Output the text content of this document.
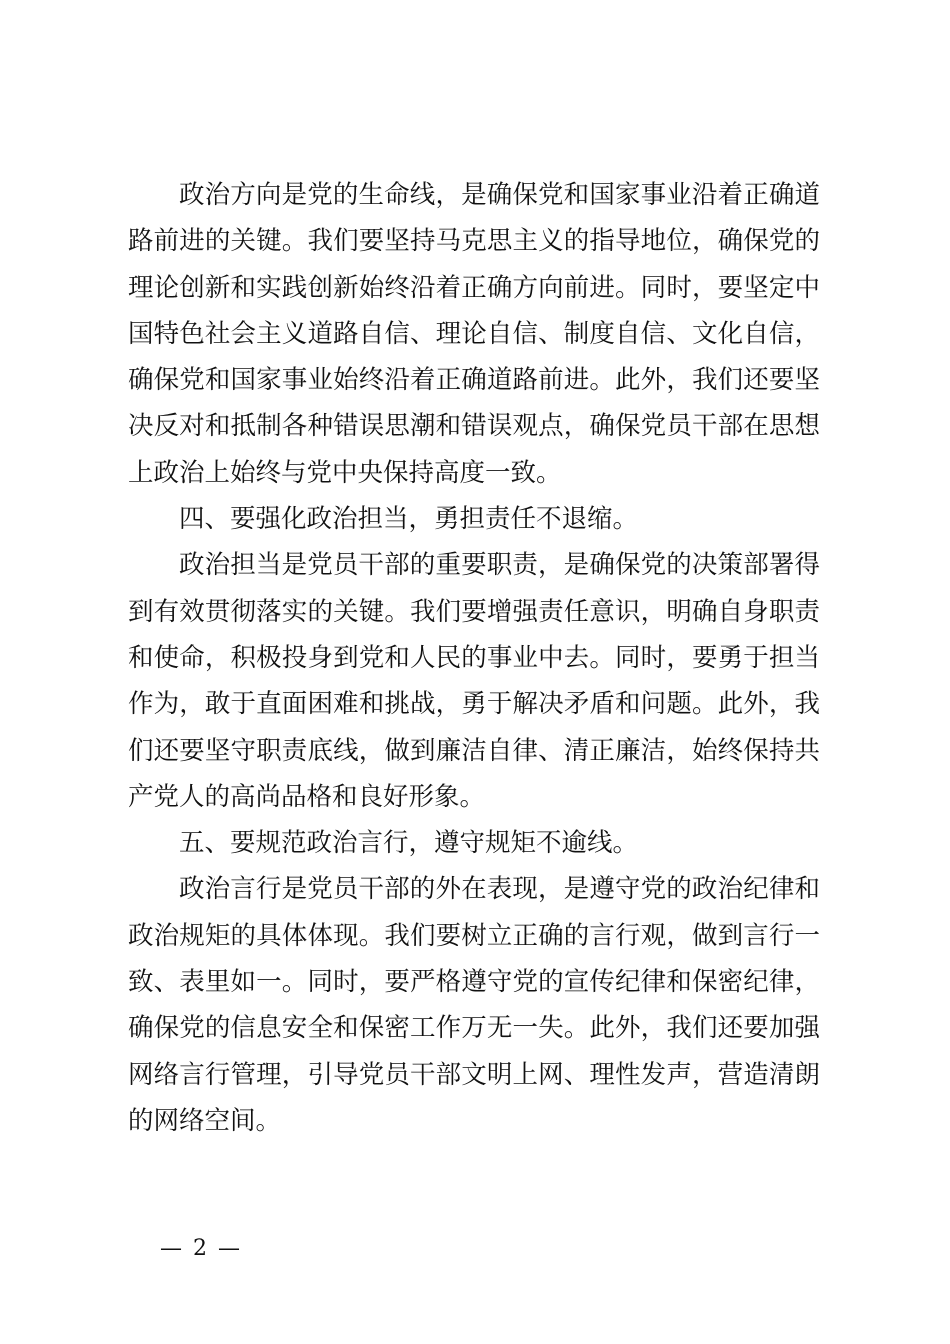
政治方向是党的生命线，是确保党和国家事业沿着正确道路前进的关键。我们要坚持马克思主义的指导地位，确保党的理论创新和实践创新始终沿着正确方向前进。同时，要坚定中国特色社会主义道路自信、理论自信、制度自信、文化自信，确保党和国家事业始终沿着正确道路前进。此外，我们还要坚决反对和抵制各种错误思潮和错误观点，确保党员干部在思想上政治上始终与党中央保持高度一致。

四、要强化政治担当，勇担责任不退缩。

政治担当是党员干部的重要职责，是确保党的决策部署得到有效贯彻落实的关键。我们要增强责任意识，明确自身职责和使命，积极投身到党和人民的事业中去。同时，要勇于担当作为，敢于直面困难和挑战，勇于解决矛盾和问题。此外，我们还要坚守职责底线，做到廉洁自律、清正廉洁，始终保持共产党人的高尚品格和良好形象。

五、要规范政治言行，遵守规矩不逾线。

政治言行是党员干部的外在表现，是遵守党的政治纪律和政治规矩的具体体现。我们要树立正确的言行观，做到言行一致、表里如一。同时，要严格遵守党的宣传纪律和保密纪律，确保党的信息安全和保密工作万无一失。此外，我们还要加强网络言行管理，引导党员干部文明上网、理性发声，营造清朗的网络空间。

— 2 —
